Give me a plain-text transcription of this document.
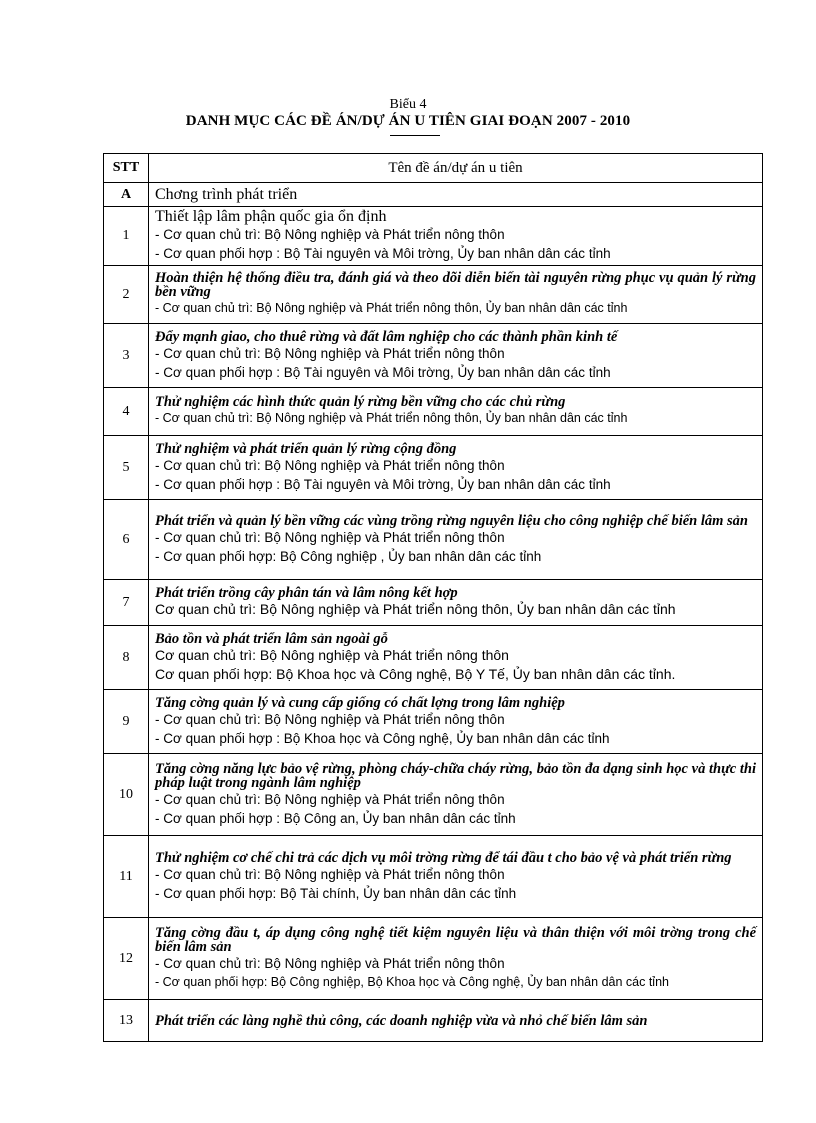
Biểu 4
DANH MỤC CÁC ĐỀ ÁN/DỰ ÁN U TIÊN GIAI ĐOẠN 2007 - 2010
STT	Tên đề án/dự án u tiên
A	Chơng trình phát triển
1	Thiết lập lâm phận quốc gia ổn định
- Cơ quan chủ trì: Bộ Nông nghiệp và Phát triển nông thôn
- Cơ quan phối hợp : Bộ Tài nguyên và Môi trờng, Ủy ban nhân dân các tỉnh

2	Hoàn thiện hệ thống điều tra, đánh giá và theo dõi diễn biến tài nguyên rừng phục vụ quản lý rừng bền vững
- Cơ quan chủ trì: Bộ Nông nghiệp và Phát triển nông thôn, Ủy ban nhân dân các tỉnh

3	Đẩy mạnh giao, cho thuê rừng và đất lâm nghiệp cho các thành phần kinh tế
- Cơ quan chủ trì: Bộ Nông nghiệp và Phát triển nông thôn
- Cơ quan phối hợp : Bộ Tài nguyên và Môi trờng, Ủy ban nhân dân các tỉnh

4	Thử nghiệm các hình thức quản lý rừng bền vững cho các chủ rừng
- Cơ quan chủ trì: Bộ Nông nghiệp và Phát triển nông thôn, Ủy ban nhân dân các tỉnh

5	Thử nghiệm và phát triển quản lý rừng cộng đồng
- Cơ quan chủ trì: Bộ Nông nghiệp và Phát triển nông thôn
- Cơ quan phối hợp : Bộ Tài nguyên và Môi trờng, Ủy ban nhân dân các tỉnh

6	Phát triển và quản lý bền vững các vùng trồng rừng nguyên liệu cho công nghiệp chế biến lâm sản
- Cơ quan chủ trì: Bộ Nông nghiệp và Phát triển nông thôn
- Cơ quan phối hợp: Bộ Công nghiệp , Ủy ban nhân dân các tỉnh

7	Phát triển trồng cây phân tán và lâm nông kết hợp
Cơ quan chủ trì: Bộ Nông nghiệp và Phát triển nông thôn, Ủy ban nhân dân các tỉnh

8	Bảo tồn và phát triển lâm sản ngoài gỗ
Cơ quan chủ trì: Bộ Nông nghiệp và Phát triển nông thôn
Cơ quan phối hợp: Bộ Khoa học và Công nghệ, Bộ Y Tế, Ủy ban nhân dân các tỉnh.

9	Tăng cờng quản lý và cung cấp giống có chất lợng trong lâm nghiệp
- Cơ quan chủ trì: Bộ Nông nghiệp và Phát triển nông thôn
- Cơ quan phối hợp : Bộ Khoa học và Công nghệ, Ủy ban nhân dân các tỉnh

10	Tăng cờng năng lực bảo vệ rừng, phòng cháy-chữa cháy rừng, bảo tồn đa dạng sinh học và thực thi pháp luật trong ngành lâm nghiệp
- Cơ quan chủ trì: Bộ Nông nghiệp và Phát triển nông thôn
- Cơ quan phối hợp : Bộ Công an, Ủy ban nhân dân các tỉnh

11	Thử nghiệm cơ chế chi trả các dịch vụ môi trờng rừng để tái đầu t cho bảo vệ và phát triển rừng
- Cơ quan chủ trì: Bộ Nông nghiệp và Phát triển nông thôn
- Cơ quan phối hợp: Bộ Tài chính, Ủy ban nhân dân các tỉnh

12	Tăng cờng đầu t, áp dụng công nghệ tiết kiệm nguyên liệu và thân thiện với môi trờng trong chế biến lâm sản
- Cơ quan chủ trì: Bộ Nông nghiệp và Phát triển nông thôn
- Cơ quan phối hợp: Bộ Công nghiệp, Bộ Khoa học và Công nghệ, Ủy ban nhân dân các tỉnh

13	Phát triển các làng nghề thủ công, các doanh nghiệp vừa và nhỏ chế biến lâm sản
